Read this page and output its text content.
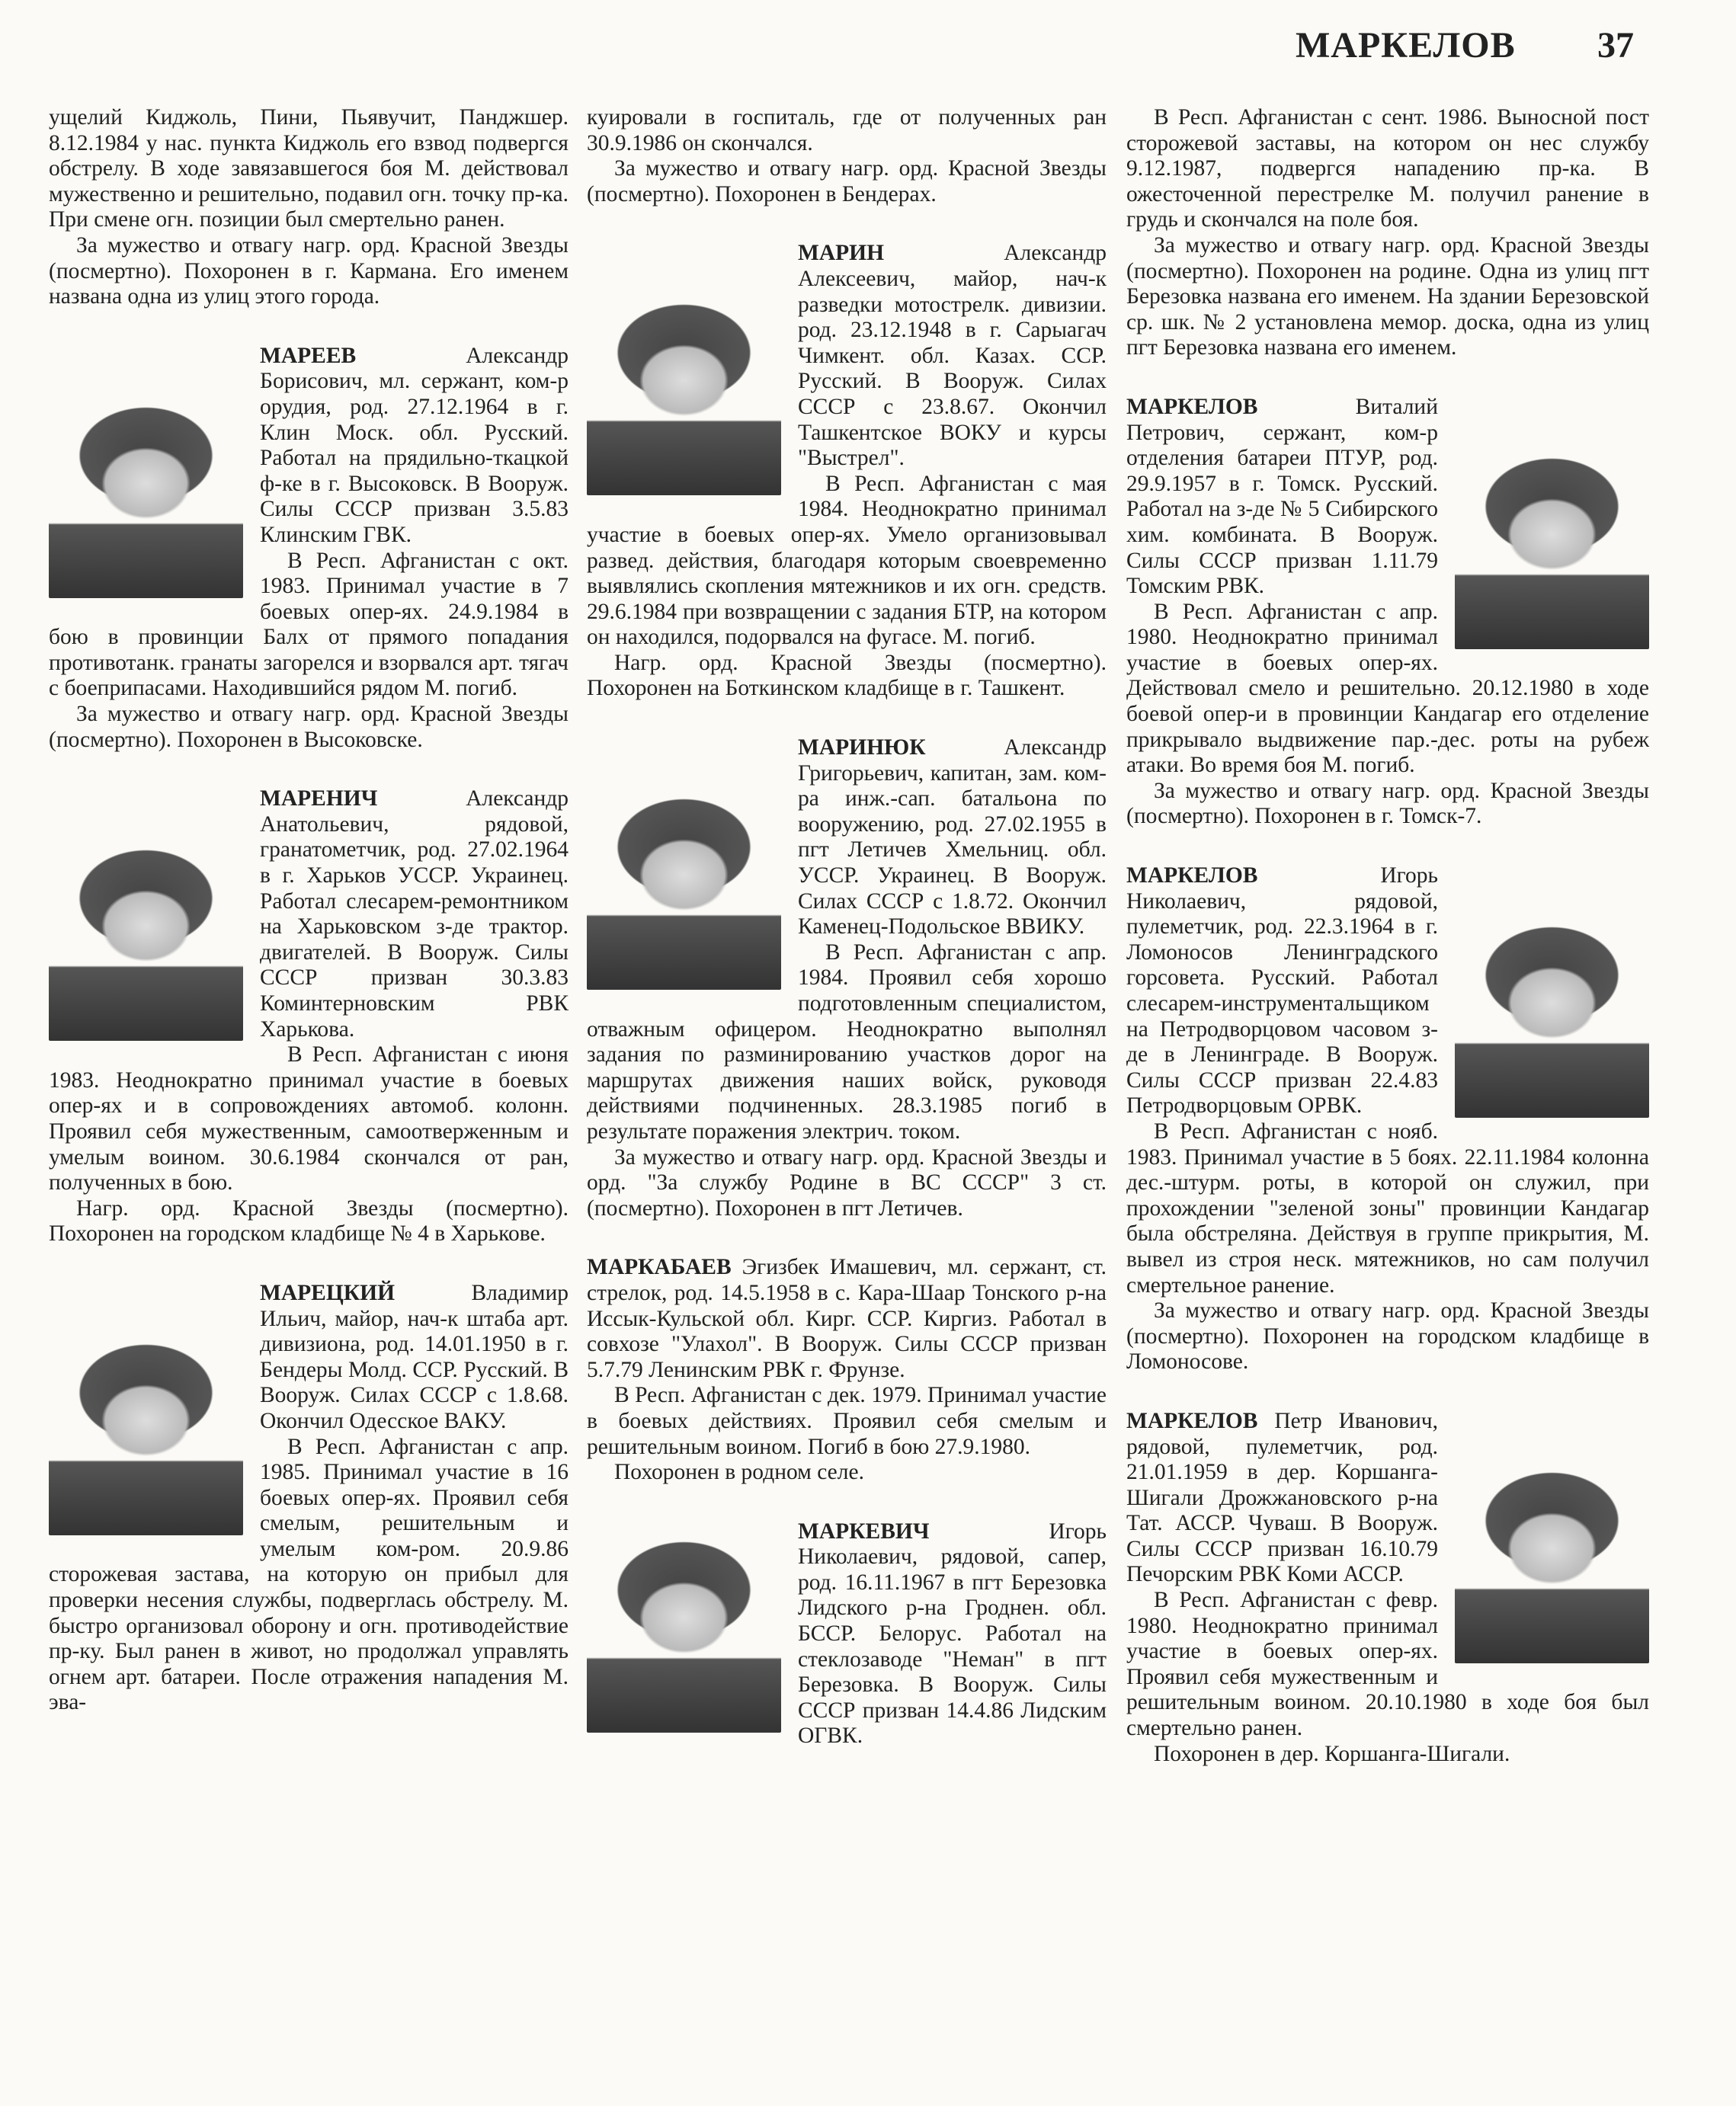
МАРКЕЛОВ 37

ущелий Киджоль, Пини, Пьявучит, Панджшер. 8.12.1984 у нас. пункта Киджоль его взвод подвергся обстрелу. В ходе завязавшегося боя М. действовал мужественно и решительно, подавил огн. точку пр-ка. При смене огн. позиции был смертельно ранен.

За мужество и отвагу нагр. орд. Красной Звезды (посмертно). Похоронен в г. Кармана. Его именем названа одна из улиц этого города.

МАРЕЕВ Александр Борисович, мл. сержант, ком-р орудия, род. 27.12.1964 в г. Клин Моск. обл. Русский. Работал на прядильно-ткацкой ф-ке в г. Высоковск. В Вооруж. Силы СССР призван 3.5.83 Клинским ГВК.

В Респ. Афганистан с окт. 1983. Принимал участие в 7 боевых опер-ях. 24.9.1984 в бою в провинции Балх от прямого попадания противотанк. гранаты загорелся и взорвался арт. тягач с боеприпасами. Находившийся рядом М. погиб.

За мужество и отвагу нагр. орд. Красной Звезды (посмертно). Похоронен в Высоковске.

МАРЕНИЧ Александр Анатольевич, рядовой, гранатометчик, род. 27.02.1964 в г. Харьков УССР. Украинец. Работал слесарем-ремонтником на Харьковском з-де трактор. двигателей. В Вооруж. Силы СССР призван 30.3.83 Коминтерновским РВК Харькова.

В Респ. Афганистан с июня 1983. Неоднократно принимал участие в боевых опер-ях и в сопровождениях автомоб. колонн. Проявил себя мужественным, самоотверженным и умелым воином. 30.6.1984 скончался от ран, полученных в бою.

Нагр. орд. Красной Звезды (посмертно). Похоронен на городском кладбище № 4 в Харькове.

МАРЕЦКИЙ Владимир Ильич, майор, нач-к штаба арт. дивизиона, род. 14.01.1950 в г. Бендеры Молд. ССР. Русский. В Вооруж. Силах СССР с 1.8.68. Окончил Одесское ВАКУ.

В Респ. Афганистан с апр. 1985. Принимал участие в 16 боевых опер-ях. Проявил себя смелым, решительным и умелым ком-ром. 20.9.86 сторожевая застава, на которую он прибыл для проверки несения службы, подверглась обстрелу. М. быстро организовал оборону и огн. противодействие пр-ку. Был ранен в живот, но продолжал управлять огнем арт. батареи. После отражения нападения М. эва-

куировали в госпиталь, где от полученных ран 30.9.1986 он скончался.

За мужество и отвагу нагр. орд. Красной Звезды (посмертно). Похоронен в Бендерах.

МАРИН Александр Алексеевич, майор, нач-к разведки мотострелк. дивизии. род. 23.12.1948 в г. Сарыагач Чимкент. обл. Казах. ССР. Русский. В Вооруж. Силах СССР с 23.8.67. Окончил Ташкентское ВОКУ и курсы "Выстрел".

В Респ. Афганистан с мая 1984. Неоднократно принимал участие в боевых опер-ях. Умело организовывал развед. действия, благодаря которым своевременно выявлялись скопления мятежников и их огн. средств. 29.6.1984 при возвращении с задания БТР, на котором он находился, подорвался на фугасе. М. погиб.

Нагр. орд. Красной Звезды (посмертно). Похоронен на Боткинском кладбище в г. Ташкент.

МАРИНЮК Александр Григорьевич, капитан, зам. ком-ра инж.-сап. батальона по вооружению, род. 27.02.1955 в пгт Летичев Хмельниц. обл. УССР. Украинец. В Вооруж. Силах СССР с 1.8.72. Окончил Каменец-Подольское ВВИКУ.

В Респ. Афганистан с апр. 1984. Проявил себя хорошо подготовленным специалистом, отважным офицером. Неоднократно выполнял задания по разминированию участков дорог на маршрутах движения наших войск, руководя действиями подчиненных. 28.3.1985 погиб в результате поражения электрич. током.

За мужество и отвагу нагр. орд. Красной Звезды и орд. "За службу Родине в ВС СССР" 3 ст. (посмертно). Похоронен в пгт Летичев.

МАРКАБАЕВ Эгизбек Имашевич, мл. сержант, ст. стрелок, род. 14.5.1958 в с. Кара-Шаар Тонского р-на Иссык-Кульской обл. Кирг. ССР. Киргиз. Работал в совхозе "Улахол". В Вооруж. Силы СССР призван 5.7.79 Ленинским РВК г. Фрунзе.

В Респ. Афганистан с дек. 1979. Принимал участие в боевых действиях. Проявил себя смелым и решительным воином. Погиб в бою 27.9.1980.

Похоронен в родном селе.

МАРКЕВИЧ Игорь Николаевич, рядовой, сапер, род. 16.11.1967 в пгт Березовка Лидского р-на Гроднен. обл. БССР. Белорус. Работал на стеклозаводе "Неман" в пгт Березовка. В Вооруж. Силы СССР призван 14.4.86 Лидским ОГВК.

В Респ. Афганистан с сент. 1986. Выносной пост сторожевой заставы, на котором он нес службу 9.12.1987, подвергся нападению пр-ка. В ожесточенной перестрелке М. получил ранение в грудь и скончался на поле боя.

За мужество и отвагу нагр. орд. Красной Звезды (посмертно). Похоронен на родине. Одна из улиц пгт Березовка названа его именем. На здании Березовской ср. шк. № 2 установлена мемор. доска, одна из улиц пгт Березовка названа его именем.

МАРКЕЛОВ Виталий Петрович, сержант, ком-р отделения батареи ПТУР, род. 29.9.1957 в г. Томск. Русский. Работал на з-де № 5 Сибирского хим. комбината. В Вооруж. Силы СССР призван 1.11.79 Томским РВК.

В Респ. Афганистан с апр. 1980. Неоднократно принимал участие в боевых опер-ях. Действовал смело и решительно. 20.12.1980 в ходе боевой опер-и в провинции Кандагар его отделение прикрывало выдвижение пар.-дес. роты на рубеж атаки. Во время боя М. погиб.

За мужество и отвагу нагр. орд. Красной Звезды (посмертно). Похоронен в г. Томск-7.

МАРКЕЛОВ Игорь Николаевич, рядовой, пулеметчик, род. 22.3.1964 в г. Ломоносов Ленинградского горсовета. Русский. Работал слесарем-инструментальщиком на Петродворцовом часовом з-де в Ленинграде. В Вооруж. Силы СССР призван 22.4.83 Петродворцовым ОРВК.

В Респ. Афганистан с нояб. 1983. Принимал участие в 5 боях. 22.11.1984 колонна дес.-штурм. роты, в которой он служил, при прохождении "зеленой зоны" провинции Кандагар была обстреляна. Действуя в группе прикрытия, М. вывел из строя неск. мятежников, но сам получил смертельное ранение.

За мужество и отвагу нагр. орд. Красной Звезды (посмертно). Похоронен на городском кладбище в Ломоносове.

МАРКЕЛОВ Петр Иванович, рядовой, пулеметчик, род. 21.01.1959 в дер. Коршанга-Шигали Дрожжановского р-на Тат. АССР. Чуваш. В Вооруж. Силы СССР призван 16.10.79 Печорским РВК Коми АССР.

В Респ. Афганистан с февр. 1980. Неоднократно принимал участие в боевых опер-ях. Проявил себя мужественным и решительным воином. 20.10.1980 в ходе боя был смертельно ранен.

Похоронен в дер. Коршанга-Шигали.
